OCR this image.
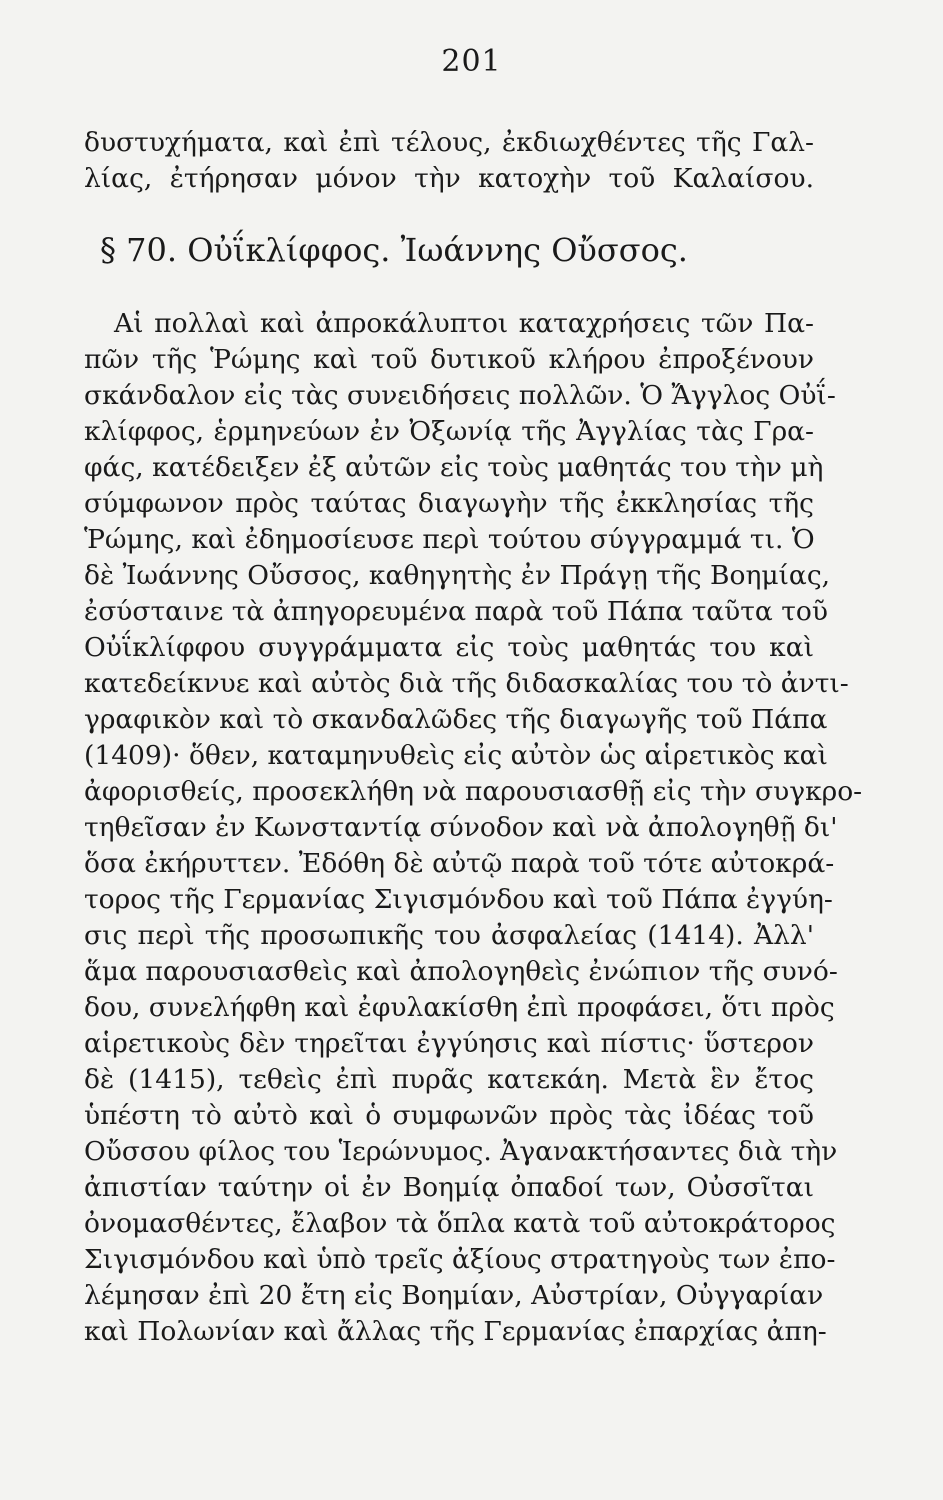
201
δυστυχήματα, καὶ ἐπὶ τέλους, ἐκδιωχθέντες τῆς Γαλ-
λίας, ἐτήρησαν μόνον τὴν κατοχὴν τοῦ Καλαίσου.
§ 70. Οὐΐκλίφφος. Ἰωάννης Οὔσσος.
Αἱ πολλαὶ καὶ ἀπροκάλυπτοι καταχρήσεις τῶν Πα-
πῶν τῆς Ῥώμης καὶ τοῦ δυτικοῦ κλήρου ἐπροξένουν
σκάνδαλον εἰς τὰς συνειδήσεις πολλῶν. Ὁ Ἄγγλος Οὐΐ-
κλίφφος, ἑρμηνεύων ἐν Ὀξωνίᾳ τῆς Ἀγγλίας τὰς Γρα-
φάς, κατέδειξεν ἐξ αὐτῶν εἰς τοὺς μαθητάς του τὴν μὴ
σύμφωνον πρὸς ταύτας διαγωγὴν τῆς ἐκκλησίας τῆς
Ῥώμης, καὶ ἐδημοσίευσε περὶ τούτου σύγγραμμά τι. Ὁ
δὲ Ἰωάννης Οὔσσος, καθηγητὴς ἐν Πράγῃ τῆς Βοημίας,
ἐσύσταινε τὰ ἀπηγορευμένα παρὰ τοῦ Πάπα ταῦτα τοῦ
Οὐΐκλίφφου συγγράμματα εἰς τοὺς μαθητάς του καὶ
κατεδείκνυε καὶ αὐτὸς διὰ τῆς διδασκαλίας του τὸ ἀντι-
γραφικὸν καὶ τὸ σκανδαλῶδες τῆς διαγωγῆς τοῦ Πάπα
(1409)· ὅθεν, καταμηνυθεὶς εἰς αὐτὸν ὡς αἱρετικὸς καὶ
ἀφορισθείς, προσεκλήθη νὰ παρουσιασθῇ εἰς τὴν συγκρο-
τηθεῖσαν ἐν Κωνσταντίᾳ σύνοδον καὶ νὰ ἀπολογηθῇ δι'
ὅσα ἐκήρυττεν. Ἐδόθη δὲ αὐτῷ παρὰ τοῦ τότε αὐτοκρά-
τορος τῆς Γερμανίας Σιγισμόνδου καὶ τοῦ Πάπα ἐγγύη-
σις περὶ τῆς προσωπικῆς του ἀσφαλείας (1414). Ἀλλ'
ἅμα παρουσιασθεὶς καὶ ἀπολογηθεὶς ἐνώπιον τῆς συνό-
δου, συνελήφθη καὶ ἐφυλακίσθη ἐπὶ προφάσει, ὅτι πρὸς
αἱρετικοὺς δὲν τηρεῖται ἐγγύησις καὶ πίστις· ὕστερον
δὲ (1415), τεθεὶς ἐπὶ πυρᾶς κατεκάη. Μετὰ ἓν ἔτος
ὑπέστη τὸ αὐτὸ καὶ ὁ συμφωνῶν πρὸς τὰς ἰδέας τοῦ
Οὔσσου φίλος του Ἱερώνυμος. Ἀγανακτήσαντες διὰ τὴν
ἀπιστίαν ταύτην οἱ ἐν Βοημίᾳ ὀπαδοί των, Οὐσσῖται
ὀνομασθέντες, ἔλαβον τὰ ὅπλα κατὰ τοῦ αὐτοκράτορος
Σιγισμόνδου καὶ ὑπὸ τρεῖς ἀξίους στρατηγοὺς των ἐπο-
λέμησαν ἐπὶ 20 ἔτη εἰς Βοημίαν, Αὐστρίαν, Οὐγγαρίαν
καὶ Πολωνίαν καὶ ἄλλας τῆς Γερμανίας ἐπαρχίας ἀπη-
